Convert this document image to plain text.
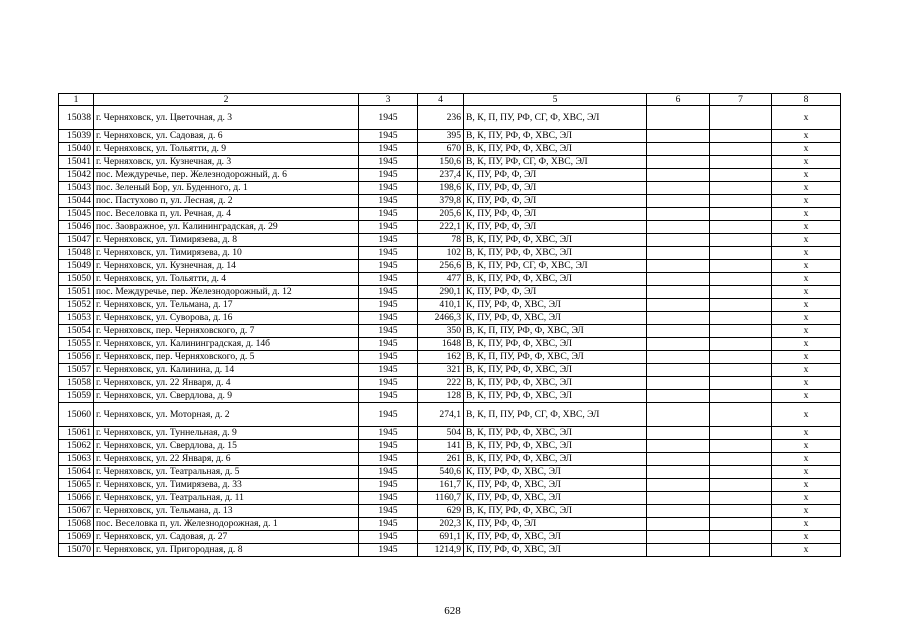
1	2	3	4	5	6	7	8
15038	г. Черняховск, ул. Цветочная, д. 3	1945	236	В, К, П, ПУ, РФ, СГ, Ф, ХВС, ЭЛ			x
15039	г. Черняховск, ул. Садовая, д. 6	1945	395	В, К, ПУ, РФ, Ф, ХВС, ЭЛ			x
15040	г. Черняховск, ул. Тольятти, д. 9	1945	670	В, К, ПУ, РФ, Ф, ХВС, ЭЛ			x
15041	г. Черняховск, ул. Кузнечная, д. 3	1945	150,6	В, К, ПУ, РФ, СГ, Ф, ХВС, ЭЛ			x
15042	пос. Междуречье, пер. Железнодорожный, д. 6	1945	237,4	К, ПУ, РФ, Ф, ЭЛ			x
15043	пос. Зеленый Бор, ул. Буденного, д. 1	1945	198,6	К, ПУ, РФ, Ф, ЭЛ			x
15044	пос. Пастухово п, ул. Лесная, д. 2	1945	379,8	К, ПУ, РФ, Ф, ЭЛ			x
15045	пос. Веселовка п, ул. Речная, д. 4	1945	205,6	К, ПУ, РФ, Ф, ЭЛ			x
15046	пос. Заовражное, ул. Калининградская, д. 29	1945	222,1	К, ПУ, РФ, Ф, ЭЛ			x
15047	г. Черняховск, ул. Тимирязева, д. 8	1945	78	В, К, ПУ, РФ, Ф, ХВС, ЭЛ			x
15048	г. Черняховск, ул. Тимирязева, д. 10	1945	102	В, К, ПУ, РФ, Ф, ХВС, ЭЛ			x
15049	г. Черняховск, ул. Кузнечная, д. 14	1945	256,6	В, К, ПУ, РФ, СГ, Ф, ХВС, ЭЛ			x
15050	г. Черняховск, ул. Тольятти, д. 4	1945	477	В, К, ПУ, РФ, Ф, ХВС, ЭЛ			x
15051	пос. Междуречье, пер. Железнодорожный, д. 12	1945	290,1	К, ПУ, РФ, Ф, ЭЛ			x
15052	г. Черняховск, ул. Тельмана, д. 17	1945	410,1	К, ПУ, РФ, Ф, ХВС, ЭЛ			x
15053	г. Черняховск, ул. Суворова, д. 16	1945	2466,3	К, ПУ, РФ, Ф, ХВС, ЭЛ			x
15054	г. Черняховск, пер. Черняховского, д. 7	1945	350	В, К, П, ПУ, РФ, Ф, ХВС, ЭЛ			x
15055	г. Черняховск, ул. Калининградская, д. 14б	1945	1648	В, К, ПУ, РФ, Ф, ХВС, ЭЛ			x
15056	г. Черняховск, пер. Черняховского, д. 5	1945	162	В, К, П, ПУ, РФ, Ф, ХВС, ЭЛ			x
15057	г. Черняховск, ул. Калинина, д. 14	1945	321	В, К, ПУ, РФ, Ф, ХВС, ЭЛ			x
15058	г. Черняховск, ул. 22 Января, д. 4	1945	222	В, К, ПУ, РФ, Ф, ХВС, ЭЛ			x
15059	г. Черняховск, ул. Свердлова, д. 9	1945	128	В, К, ПУ, РФ, Ф, ХВС, ЭЛ			x
15060	г. Черняховск, ул. Моторная, д. 2	1945	274,1	В, К, П, ПУ, РФ, СГ, Ф, ХВС, ЭЛ			x
15061	г. Черняховск, ул. Туннельная, д. 9	1945	504	В, К, ПУ, РФ, Ф, ХВС, ЭЛ			x
15062	г. Черняховск, ул. Свердлова, д. 15	1945	141	В, К, ПУ, РФ, Ф, ХВС, ЭЛ			x
15063	г. Черняховск, ул. 22 Января, д. 6	1945	261	В, К, ПУ, РФ, Ф, ХВС, ЭЛ			x
15064	г. Черняховск, ул. Театральная, д. 5	1945	540,6	К, ПУ, РФ, Ф, ХВС, ЭЛ			x
15065	г. Черняховск, ул. Тимирязева, д. 33	1945	161,7	К, ПУ, РФ, Ф, ХВС, ЭЛ			x
15066	г. Черняховск, ул. Театральная, д. 11	1945	1160,7	К, ПУ, РФ, Ф, ХВС, ЭЛ			x
15067	г. Черняховск, ул. Тельмана, д. 13	1945	629	В, К, ПУ, РФ, Ф, ХВС, ЭЛ			x
15068	пос. Веселовка п, ул. Железнодорожная, д. 1	1945	202,3	К, ПУ, РФ, Ф, ЭЛ			x
15069	г. Черняховск, ул. Садовая, д. 27	1945	691,1	К, ПУ, РФ, Ф, ХВС, ЭЛ			x
15070	г. Черняховск, ул. Пригородная, д. 8	1945	1214,9	К, ПУ, РФ, Ф, ХВС, ЭЛ			x
628
